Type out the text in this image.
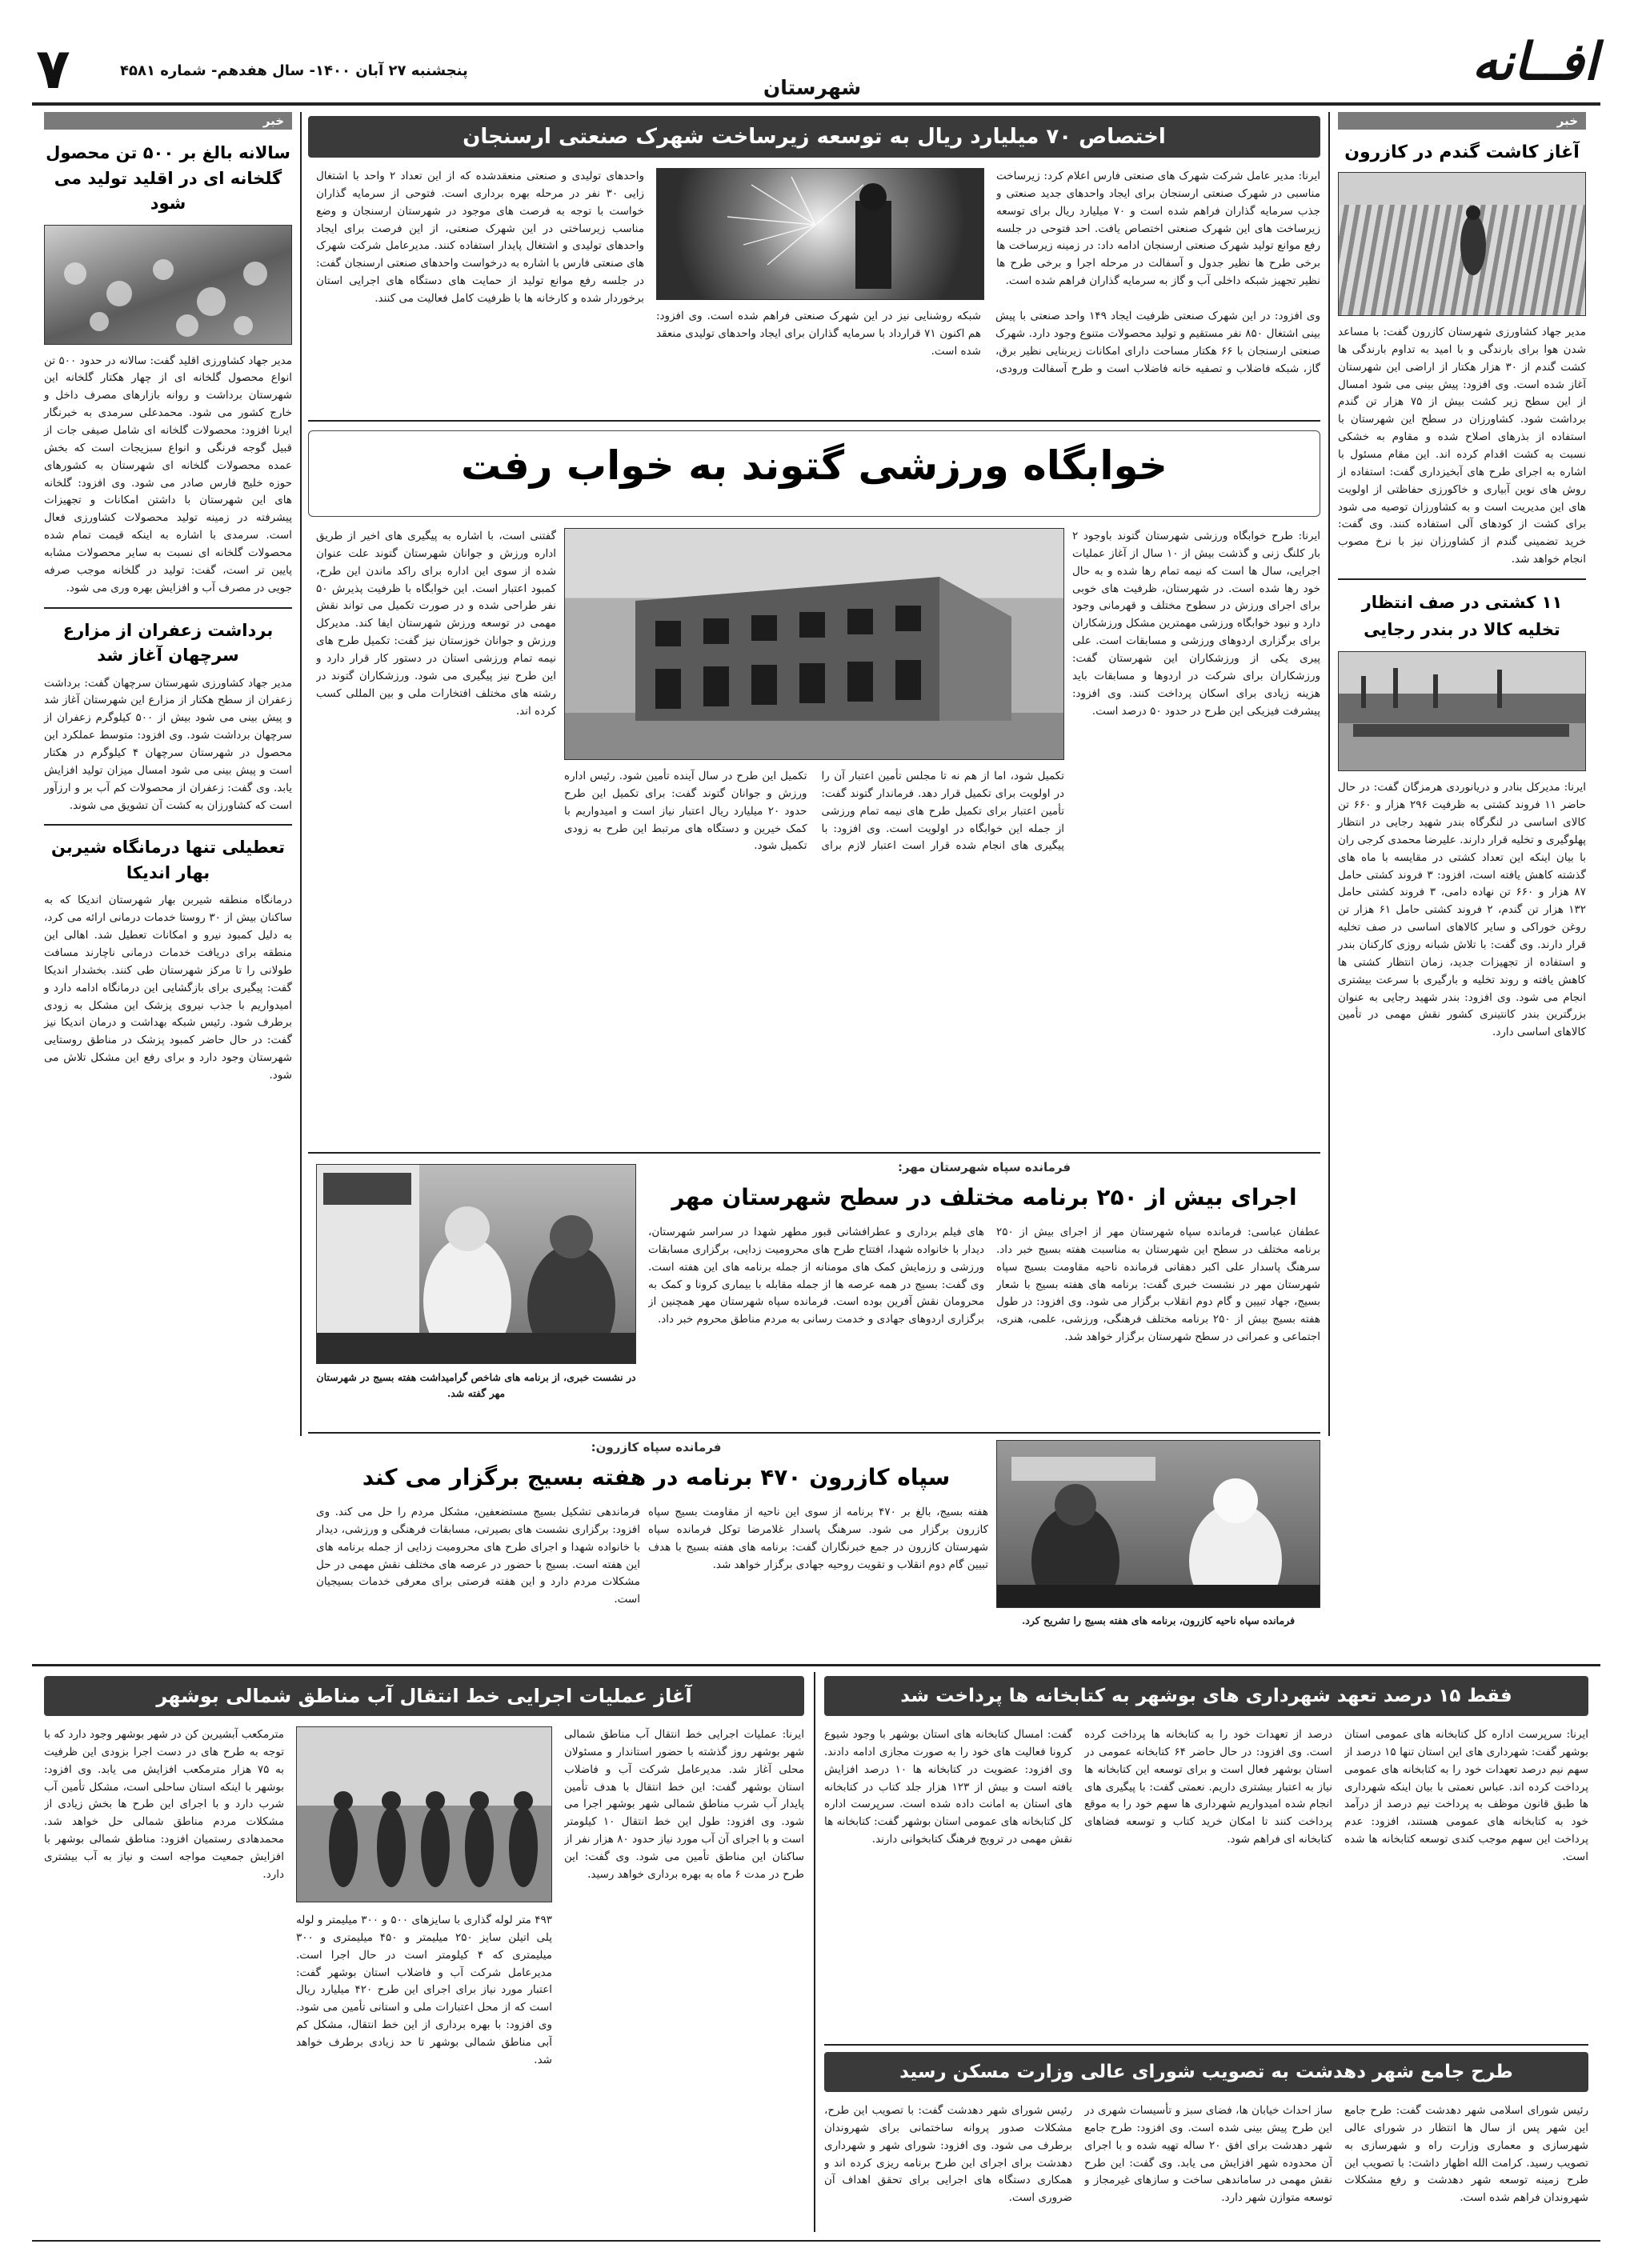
۷	پنجشنبه ۲۷ آبان ۱۴۰۰- سال هفدهم- شماره ۴۵۸۱
شهرستان	افــانه
خبر
سالانه بالغ بر ۵۰۰ تن محصول گلخانه ای در اقلید تولید می شود
مدیر جهاد کشاورزی اقلید گفت: سالانه در حدود ۵۰۰ تن انواع محصول گلخانه ای از چهار هکتار گلخانه این شهرستان برداشت و روانه بازارهای مصرف داخل و خارج کشور می شود. محمدعلی سرمدی به خبرنگار ایرنا افزود: محصولات گلخانه ای شامل صیفی جات از قبیل گوجه فرنگی و انواع سبزیجات است که بخش عمده محصولات گلخانه ای شهرستان به کشورهای حوزه خلیج فارس صادر می شود. وی افزود: گلخانه های این شهرستان با داشتن امکانات و تجهیزات پیشرفته در زمینه تولید محصولات کشاورزی فعال است. سرمدی با اشاره به اینکه قیمت تمام شده محصولات گلخانه ای نسبت به سایر محصولات مشابه پایین تر است، گفت: تولید در گلخانه موجب صرفه جویی در مصرف آب و افزایش بهره وری می شود.
برداشت زعفران از مزارع سرچهان آغاز شد
مدیر جهاد کشاورزی شهرستان سرچهان گفت: برداشت زعفران از سطح هکتار از مزارع این شهرستان آغاز شد و پیش بینی می شود بیش از ۵۰۰ کیلوگرم زعفران از سرچهان برداشت شود. وی افزود: متوسط عملکرد این محصول در شهرستان سرچهان ۴ کیلوگرم در هکتار است و پیش بینی می شود امسال میزان تولید افزایش یابد. وی گفت: زعفران از محصولات کم آب بر و ارزآور است که کشاورزان به کشت آن تشویق می شوند.
تعطیلی تنها درمانگاه شیربن بهار اندیکا
درمانگاه منطقه شیربن بهار شهرستان اندیکا که به ساکنان بیش از ۳۰ روستا خدمات درمانی ارائه می کرد، به دلیل کمبود نیرو و امکانات تعطیل شد. اهالی این منطقه برای دریافت خدمات درمانی ناچارند مسافت طولانی را تا مرکز شهرستان طی کنند. بخشدار اندیکا گفت: پیگیری برای بازگشایی این درمانگاه ادامه دارد و امیدواریم با جذب نیروی پزشک این مشکل به زودی برطرف شود. رئیس شبکه بهداشت و درمان اندیکا نیز گفت: در حال حاضر کمبود پزشک در مناطق روستایی شهرستان وجود دارد و برای رفع این مشکل تلاش می شود.
خبر
آغاز کاشت گندم در کازرون
مدیر جهاد کشاورزی شهرستان کازرون گفت: با مساعد شدن هوا برای بارندگی و با امید به تداوم بارندگی ها کشت گندم از ۳۰ هزار هکتار از اراضی این شهرستان آغاز شده است. وی افزود: پیش بینی می شود امسال از این سطح زیر کشت بیش از ۷۵ هزار تن گندم برداشت شود. کشاورزان در سطح این شهرستان با استفاده از بذرهای اصلاح شده و مقاوم به خشکی نسبت به کشت اقدام کرده اند. این مقام مسئول با اشاره به اجرای طرح های آبخیزداری گفت: استفاده از روش های نوین آبیاری و خاکورزی حفاظتی از اولویت های این مدیریت است و به کشاورزان توصیه می شود برای کشت از کودهای آلی استفاده کنند. وی گفت: خرید تضمینی گندم از کشاورزان نیز با نرخ مصوب انجام خواهد شد.
۱۱ کشتی در صف انتظار تخلیه کالا در بندر رجایی
ایرنا: مدیرکل بنادر و دریانوردی هرمزگان گفت: در حال حاضر ۱۱ فروند کشتی به ظرفیت ۲۹۶ هزار و ۶۶۰ تن کالای اساسی در لنگرگاه بندر شهید رجایی در انتظار پهلوگیری و تخلیه قرار دارند. علیرضا محمدی کرجی ران با بیان اینکه این تعداد کشتی در مقایسه با ماه های گذشته کاهش یافته است، افزود: ۳ فروند کشتی حامل ۸۷ هزار و ۶۶۰ تن نهاده دامی، ۳ فروند کشتی حامل ۱۳۲ هزار تن گندم، ۲ فروند کشتی حامل ۶۱ هزار تن روغن خوراکی و سایر کالاهای اساسی در صف تخلیه قرار دارند. وی گفت: با تلاش شبانه روزی کارکنان بندر و استفاده از تجهیزات جدید، زمان انتظار کشتی ها کاهش یافته و روند تخلیه و بارگیری با سرعت بیشتری انجام می شود. وی افزود: بندر شهید رجایی به عنوان بزرگترین بندر کانتینری کشور نقش مهمی در تأمین کالاهای اساسی دارد.
اختصاص ۷۰ میلیارد ریال به توسعه زیرساخت شهرک صنعتی ارسنجان
ایرنا: مدیر عامل شرکت شهرک های صنعتی فارس اعلام کرد: زیرساخت مناسبی در شهرک صنعتی ارسنجان برای ایجاد واحدهای جدید صنعتی و جذب سرمایه گذاران فراهم شده است و ۷۰ میلیارد ریال برای توسعه زیرساخت های این شهرک صنعتی اختصاص یافت. احد فتوحی در جلسه رفع موانع تولید شهرک صنعتی ارسنجان ادامه داد: در زمینه زیرساخت ها برخی طرح ها نظیر جدول و آسفالت در مرحله اجرا و برخی طرح ها نظیر تجهیز شبکه داخلی آب و گاز به سرمایه گذاران فراهم شده است.
وی افزود: در این شهرک صنعتی ظرفیت ایجاد ۱۴۹ واحد صنعتی با پیش بینی اشتغال ۸۵۰ نفر مستقیم و تولید محصولات متنوع وجود دارد. شهرک صنعتی ارسنجان با ۶۶ هکتار مساحت دارای امکانات زیربنایی نظیر برق، گاز، شبکه فاضلاب و تصفیه خانه فاضلاب است و طرح آسفالت ورودی، شبکه روشنایی نیز در این شهرک صنعتی فراهم شده است. وی افزود: هم اکنون ۷۱ قرارداد با سرمایه گذاران برای ایجاد واحدهای تولیدی منعقد شده است.
واحدهای تولیدی و صنعتی منعقدشده که از این تعداد ۲ واحد با اشتغال زایی ۳۰ نفر در مرحله بهره برداری است. فتوحی از سرمایه گذاران خواست با توجه به فرصت های موجود در شهرستان ارسنجان و وضع مناسب زیرساختی در این شهرک صنعتی، از این فرصت برای ایجاد واحدهای تولیدی و اشتغال پایدار استفاده کنند. مدیرعامل شرکت شهرک های صنعتی فارس با اشاره به درخواست واحدهای صنعتی ارسنجان گفت: در جلسه رفع موانع تولید از حمایت های دستگاه های اجرایی استان برخوردار شده و کارخانه ها با ظرفیت کامل فعالیت می کنند.
خوابگاه ورزشی گتوند به خواب رفت
ایرنا: طرح خوابگاه ورزشی شهرستان گتوند باوجود ۲ بار کلنگ زنی و گذشت بیش از ۱۰ سال از آغاز عملیات اجرایی، سال ها است که نیمه تمام رها شده و به حال خود رها شده است. در شهرستان، ظرفیت های خوبی برای اجرای ورزش در سطوح مختلف و قهرمانی وجود دارد و نبود خوابگاه ورزشی مهمترین مشکل ورزشکاران برای برگزاری اردوهای ورزشی و مسابقات است. علی پیری یکی از ورزشکاران این شهرستان گفت: ورزشکاران برای شرکت در اردوها و مسابقات باید هزینه زیادی برای اسکان پرداخت کنند. وی افزود: پیشرفت فیزیکی این طرح در حدود ۵۰ درصد است.
تکمیل شود، اما از هم نه تا مجلس تأمین اعتبار آن را در اولویت برای تکمیل قرار دهد. فرماندار گتوند گفت: تأمین اعتبار برای تکمیل طرح های نیمه تمام ورزشی از جمله این خوابگاه در اولویت است. وی افزود: با پیگیری های انجام شده قرار است اعتبار لازم برای تکمیل این طرح در سال آینده تأمین شود. رئیس اداره ورزش و جوانان گتوند گفت: برای تکمیل این طرح حدود ۲۰ میلیارد ریال اعتبار نیاز است و امیدواریم با کمک خیرین و دستگاه های مرتبط این طرح به زودی تکمیل شود.
گفتنی است، با اشاره به پیگیری های اخیر از طریق اداره ورزش و جوانان شهرستان گتوند علت عنوان شده از سوی این اداره برای راکد ماندن این طرح، کمبود اعتبار است. این خوابگاه با ظرفیت پذیرش ۵۰ نفر طراحی شده و در صورت تکمیل می تواند نقش مهمی در توسعه ورزش شهرستان ایفا کند. مدیرکل ورزش و جوانان خوزستان نیز گفت: تکمیل طرح های نیمه تمام ورزشی استان در دستور کار قرار دارد و این طرح نیز پیگیری می شود. ورزشکاران گتوند در رشته های مختلف افتخارات ملی و بین المللی کسب کرده اند.
فرمانده سپاه شهرستان مهر:
اجرای بیش از ۲۵۰ برنامه مختلف در سطح شهرستان مهر
عطفان عباسی: فرمانده سپاه شهرستان مهر از اجرای بیش از ۲۵۰ برنامه مختلف در سطح این شهرستان به مناسبت هفته بسیج خبر داد. سرهنگ پاسدار علی اکبر دهقانی فرمانده ناحیه مقاومت بسیج سپاه شهرستان مهر در نشست خبری گفت: برنامه های هفته بسیج با شعار بسیج، جهاد تبیین و گام دوم انقلاب برگزار می شود. وی افزود: در طول هفته بسیج بیش از ۲۵۰ برنامه مختلف فرهنگی، ورزشی، علمی، هنری، اجتماعی و عمرانی در سطح شهرستان برگزار خواهد شد.
های فیلم برداری و عطرافشانی قبور مطهر شهدا در سراسر شهرستان، دیدار با خانواده شهدا، افتتاح طرح های محرومیت زدایی، برگزاری مسابقات ورزشی و رزمایش کمک های مومنانه از جمله برنامه های این هفته است. وی گفت: بسیج در همه عرصه ها از جمله مقابله با بیماری کرونا و کمک به محرومان نقش آفرین بوده است. فرمانده سپاه شهرستان مهر همچنین از برگزاری اردوهای جهادی و خدمت رسانی به مردم مناطق محروم خبر داد.
در نشست خبری، از برنامه های شاخص گرامیداشت هفته بسیج در شهرستان مهر گفته شد.
فرمانده سپاه کازرون:
سپاه کازرون ۴۷۰ برنامه در هفته بسیج برگزار می کند
فرمانده سپاه ناحیه کازرون، برنامه های هفته بسیج را تشریح کرد.
هفته بسیج، بالغ بر ۴۷۰ برنامه از سوی این ناحیه از مقاومت بسیج سپاه کازرون برگزار می شود. سرهنگ پاسدار غلامرضا توکل فرمانده سپاه شهرستان کازرون در جمع خبرنگاران گفت: برنامه های هفته بسیج با هدف تبیین گام دوم انقلاب و تقویت روحیه جهادی برگزار خواهد شد.
فرماندهی تشکیل بسیج مستضعفین، مشکل مردم را حل می کند. وی افزود: برگزاری نشست های بصیرتی، مسابقات فرهنگی و ورزشی، دیدار با خانواده شهدا و اجرای طرح های محرومیت زدایی از جمله برنامه های این هفته است. بسیج با حضور در عرصه های مختلف نقش مهمی در حل مشکلات مردم دارد و این هفته فرصتی برای معرفی خدمات بسیجیان است.
آغاز عملیات اجرایی خط انتقال آب مناطق شمالی بوشهر
مترمکعب آبشیرین کن در شهر بوشهر وجود دارد که با توجه به طرح های در دست اجرا بزودی این ظرفیت به ۷۵ هزار مترمکعب افزایش می یابد. وی افزود: بوشهر با اینکه استان ساحلی است، مشکل تأمین آب شرب دارد و با اجرای این طرح ها بخش زیادی از مشکلات مردم مناطق شمالی حل خواهد شد. محمدهادی رستمیان افزود: مناطق شمالی بوشهر با افزایش جمعیت مواجه است و نیاز به آب بیشتری دارد.
۴۹۳ متر لوله گذاری با سایزهای ۵۰۰ و ۳۰۰ میلیمتر و لوله پلی اتیلن سایز ۲۵۰ میلیمتر و ۴۵۰ میلیمتری و ۳۰۰ میلیمتری که ۴ کیلومتر است در حال اجرا است. مدیرعامل شرکت آب و فاضلاب استان بوشهر گفت: اعتبار مورد نیاز برای اجرای این طرح ۴۲۰ میلیارد ریال است که از محل اعتبارات ملی و استانی تأمین می شود. وی افزود: با بهره برداری از این خط انتقال، مشکل کم آبی مناطق شمالی بوشهر تا حد زیادی برطرف خواهد شد.
ایرنا: عملیات اجرایی خط انتقال آب مناطق شمالی شهر بوشهر روز گذشته با حضور استاندار و مسئولان محلی آغاز شد. مدیرعامل شرکت آب و فاضلاب استان بوشهر گفت: این خط انتقال با هدف تأمین پایدار آب شرب مناطق شمالی شهر بوشهر اجرا می شود. وی افزود: طول این خط انتقال ۱۰ کیلومتر است و با اجرای آن آب مورد نیاز حدود ۸۰ هزار نفر از ساکنان این مناطق تأمین می شود. وی گفت: این طرح در مدت ۶ ماه به بهره برداری خواهد رسید.
فقط ۱۵ درصد تعهد شهرداری های بوشهر به کتابخانه ها پرداخت شد
ایرنا: سرپرست اداره کل کتابخانه های عمومی استان بوشهر گفت: شهرداری های این استان تنها ۱۵ درصد از سهم نیم درصد تعهدات خود را به کتابخانه های عمومی پرداخت کرده اند. عباس نعمتی با بیان اینکه شهرداری ها طبق قانون موظف به پرداخت نیم درصد از درآمد خود به کتابخانه های عمومی هستند، افزود: عدم پرداخت این سهم موجب کندی توسعه کتابخانه ها شده است.
درصد از تعهدات خود را به کتابخانه ها پرداخت کرده است. وی افزود: در حال حاضر ۶۴ کتابخانه عمومی در استان بوشهر فعال است و برای توسعه این کتابخانه ها نیاز به اعتبار بیشتری داریم. نعمتی گفت: با پیگیری های انجام شده امیدواریم شهرداری ها سهم خود را به موقع پرداخت کنند تا امکان خرید کتاب و توسعه فضاهای کتابخانه ای فراهم شود.
گفت: امسال کتابخانه های استان بوشهر با وجود شیوع کرونا فعالیت های خود را به صورت مجازی ادامه دادند. وی افزود: عضویت در کتابخانه ها ۱۰ درصد افزایش یافته است و بیش از ۱۲۳ هزار جلد کتاب در کتابخانه های استان به امانت داده شده است. سرپرست اداره کل کتابخانه های عمومی استان بوشهر گفت: کتابخانه ها نقش مهمی در ترویج فرهنگ کتابخوانی دارند.
طرح جامع شهر دهدشت به تصویب شورای عالی وزارت مسکن رسید
رئیس شورای اسلامی شهر دهدشت گفت: طرح جامع این شهر پس از سال ها انتظار در شورای عالی شهرسازی و معماری وزارت راه و شهرسازی به تصویب رسید. کرامت الله اظهار داشت: با تصویب این طرح زمینه توسعه شهر دهدشت و رفع مشکلات شهروندان فراهم شده است.
ساز احداث خیابان ها، فضای سبز و تأسیسات شهری در این طرح پیش بینی شده است. وی افزود: طرح جامع شهر دهدشت برای افق ۲۰ ساله تهیه شده و با اجرای آن محدوده شهر افزایش می یابد. وی گفت: این طرح نقش مهمی در ساماندهی ساخت و سازهای غیرمجاز و توسعه متوازن شهر دارد.
رئیس شورای شهر دهدشت گفت: با تصویب این طرح، مشکلات صدور پروانه ساختمانی برای شهروندان برطرف می شود. وی افزود: شورای شهر و شهرداری دهدشت برای اجرای این طرح برنامه ریزی کرده اند و همکاری دستگاه های اجرایی برای تحقق اهداف آن ضروری است.
